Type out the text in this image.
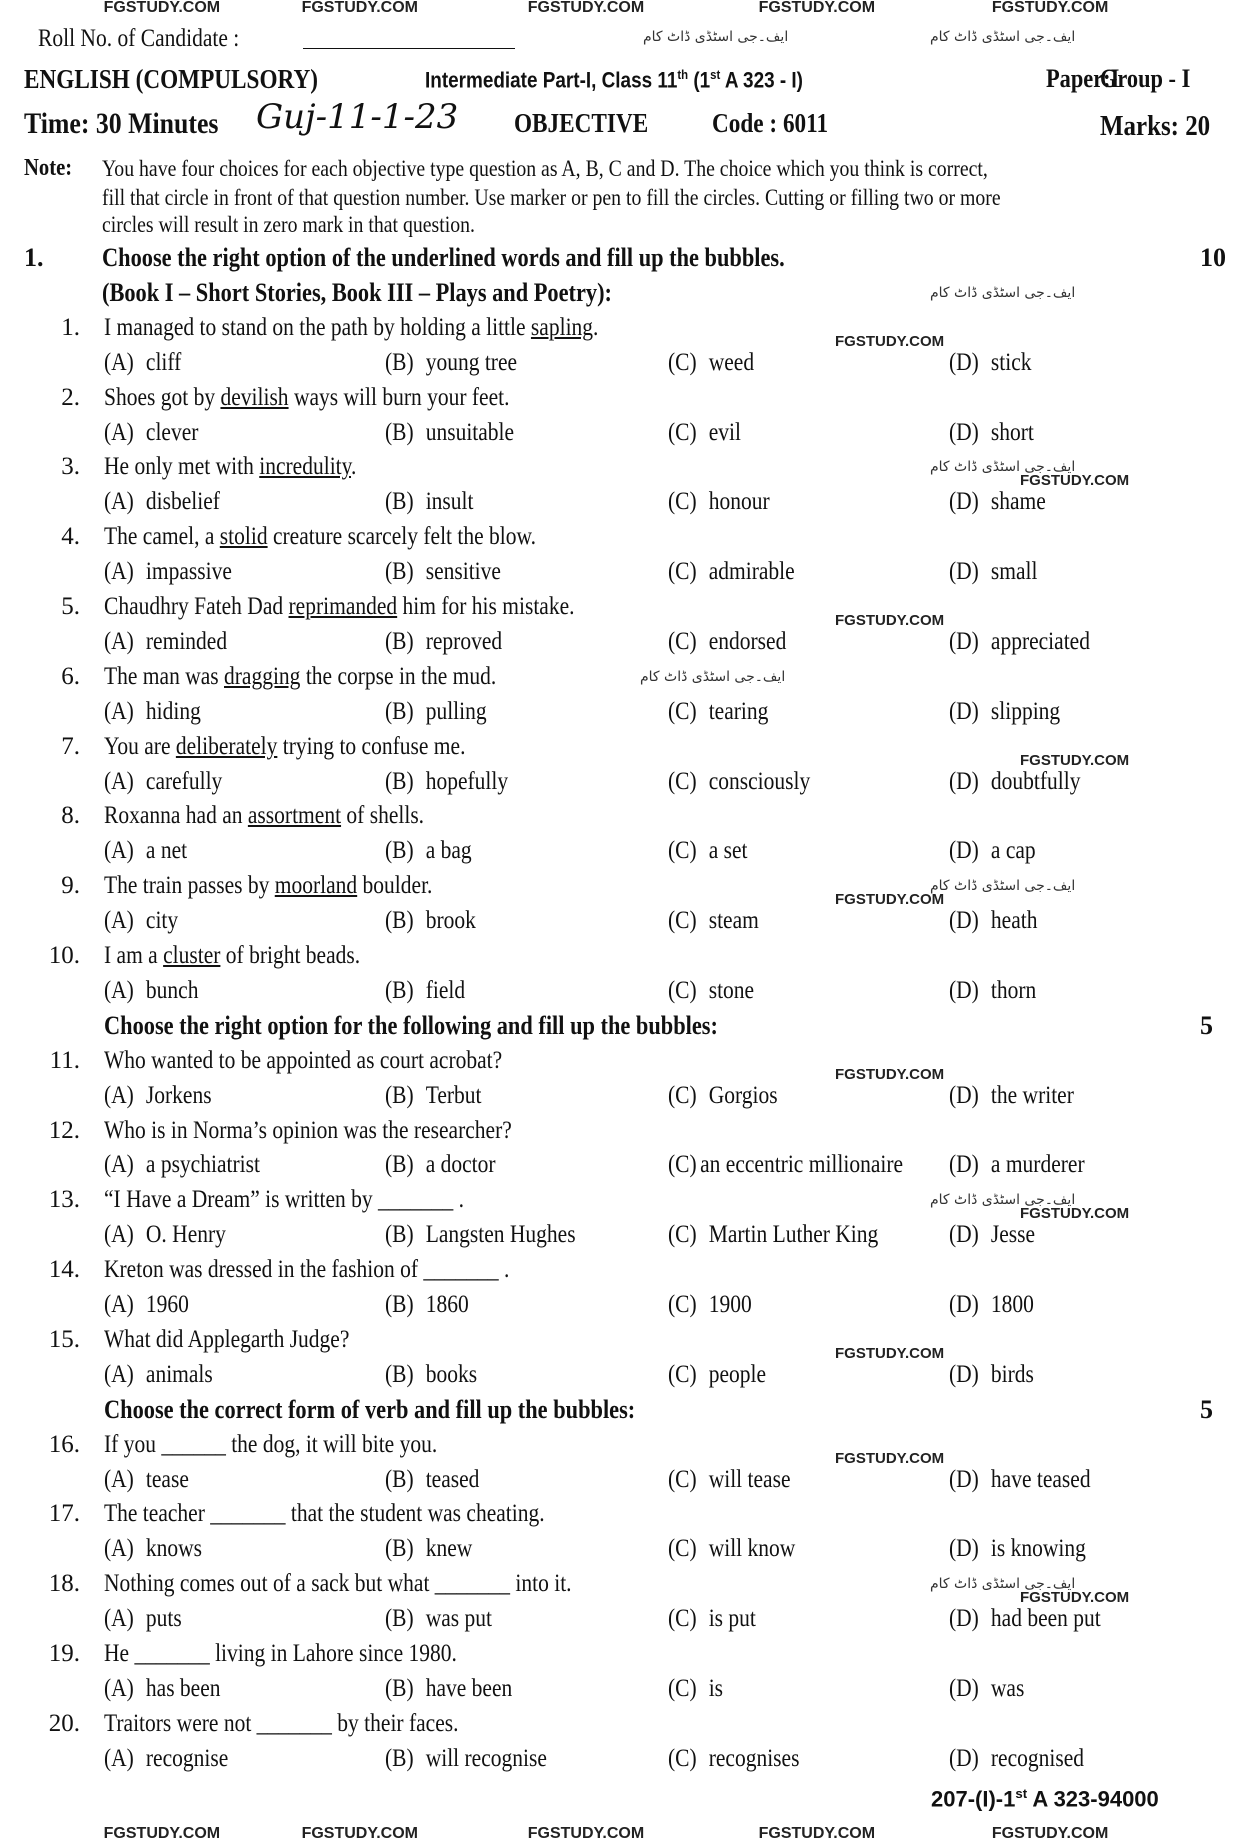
FGSTUDY.COM	FGSTUDY.COM	FGSTUDY.COM	FGSTUDY.COM	FGSTUDY.COM
Roll No. of Candidate :	ایف۔جی اسٹڈی ڈاٹ کام	ایف۔جی اسٹڈی ڈاٹ کام
ENGLISH (COMPULSORY)	Intermediate Part-I, Class 11th (1st A 323 - I)	Paper:I
Group - I
Time: 30 Minutes	Guj-11-1-23 OBJECTIVE	Code : 6011	Marks: 20
Note:	You have four choices for each objective type question as A, B, C and D. The choice which you think is correct,
fill that circle in front of that question number. Use marker or pen to fill the circles. Cutting or filling two or more
circles will result in zero mark in that question.
1. Choose the right option of the underlined words and fill up the bubbles.	10
(Book I – Short Stories, Book III – Plays and Poetry):	ایف۔جی اسٹڈی ڈاٹ کام
1. I managed to stand on the path by holding a little sapling.
(A) cliff	(B) young tree	(C) weed	(D) stick
FGSTUDY.COM
2. Shoes got by devilish ways will burn your feet.
(A) clever	(B) unsuitable	(C) evil	(D) short
3. He only met with incredulity.	ایف۔جی اسٹڈی ڈاٹ کام
(A) disbelief	(B) insult	(C) honour	(D) shame
FGSTUDY.COM
4. The camel, a stolid creature scarcely felt the blow.
(A) impassive	(B) sensitive	(C) admirable	(D) small
5. Chaudhry Fateh Dad reprimanded him for his mistake.
(A) reminded	(B) reproved	(C) endorsed	(D) appreciated
FGSTUDY.COM
6. The man was dragging the corpse in the mud.	ایف۔جی اسٹڈی ڈاٹ کام
(A) hiding	(B) pulling	(C) tearing	(D) slipping
7. You are deliberately trying to confuse me.
(A) carefully	(B) hopefully	(C) consciously	(D) doubtfully
FGSTUDY.COM
8. Roxanna had an assortment of shells.
(A) a net	(B) a bag	(C) a set	(D) a cap
9. The train passes by moorland boulder.	ایف۔جی اسٹڈی ڈاٹ کام
(A) city	(B) brook	(C) steam	(D) heath
FGSTUDY.COM
10. I am a cluster of bright beads.
(A) bunch	(B) field	(C) stone	(D) thorn
Choose the right option for the following and fill up the bubbles:	5
11. Who wanted to be appointed as court acrobat?
(A) Jorkens	(B) Terbut	(C) Gorgios	(D) the writer
FGSTUDY.COM
12. Who is in Norma’s opinion was the researcher?
(A) a psychiatrist	(B) a doctor	(C) an eccentric millionaire	(D) a murderer
13. “I Have a Dream” is written by _______ .	ایف۔جی اسٹڈی ڈاٹ کام
(A) O. Henry	(B) Langsten Hughes	(C) Martin Luther King	(D) Jesse
FGSTUDY.COM
14. Kreton was dressed in the fashion of _______ .
(A) 1960	(B) 1860	(C) 1900	(D) 1800
15. What did Applegarth Judge?
(A) animals	(B) books	(C) people	(D) birds
FGSTUDY.COM
Choose the correct form of verb and fill up the bubbles:	5
16. If you ______ the dog, it will bite you.
(A) tease	(B) teased	(C) will tease	(D) have teased
FGSTUDY.COM
17. The teacher _______ that the student was cheating.
(A) knows	(B) knew	(C) will know	(D) is knowing
18. Nothing comes out of a sack but what _______ into it.	ایف۔جی اسٹڈی ڈاٹ کام
(A) puts	(B) was put	(C) is put	(D) had been put
FGSTUDY.COM
19. He _______ living in Lahore since 1980.
(A) has been	(B) have been	(C) is	(D) was
20. Traitors were not _______ by their faces.
(A) recognise	(B) will recognise	(C) recognises	(D) recognised
207-(I)-1st A 323-94000
FGSTUDY.COM	FGSTUDY.COM	FGSTUDY.COM	FGSTUDY.COM	FGSTUDY.COM
